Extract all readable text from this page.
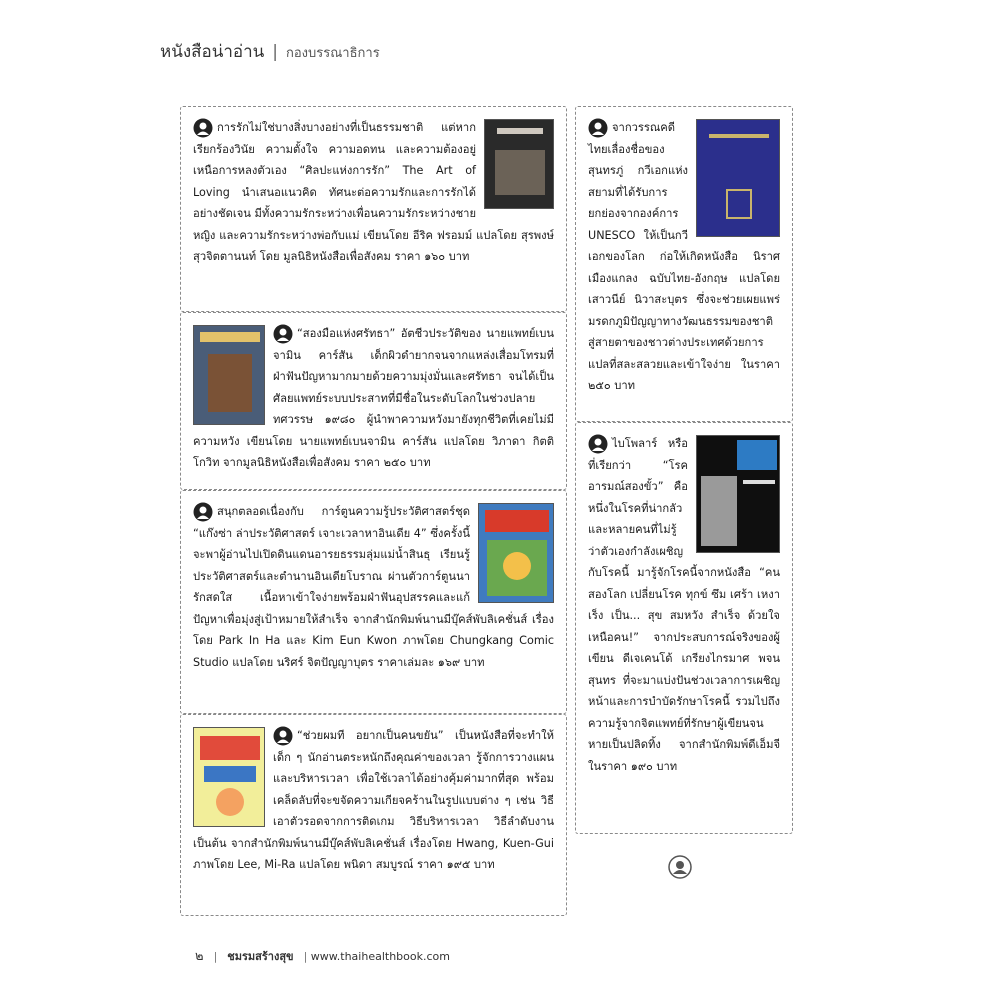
หนังสือน่าอ่าน | กองบรรณาธิการ

การรักไม่ใช่บางสิ่งบางอย่างที่เป็นธรรมชาติ แต่หากเรียกร้องวินัย ความตั้งใจ ความอดทน และความต้องอยู่เหนือการหลงตัวเอง “ศิลปะแห่งการรัก” The Art of Loving นำเสนอแนวคิด ทัศนะต่อความรักและการรักได้อย่างชัดเจน มีทั้งความรักระหว่างเพื่อนความรักระหว่างชายหญิง และความรักระหว่างพ่อกับแม่ เขียนโดย อีริค ฟรอมม์ แปลโดย สุรพงษ์ สุวจิตตานนท์ โดย มูลนิธิหนังสือเพื่อสังคม ราคา ๑๖๐ บาท

“สองมือแห่งศรัทธา” อัตชีวประวัติของ นายแพทย์เบนจามิน คาร์สัน เด็กผิวดำยากจนจากแหล่งเสื่อมโทรมที่ฝ่าฟันปัญหามากมายด้วยความมุ่งมั่นและศรัทธา จนได้เป็นศัลยแพทย์ระบบประสาทที่มีชื่อในระดับโลกในช่วงปลายทศวรรษ ๑๙๘๐ ผู้นำพาความหวังมายังทุกชีวิตที่เคยไม่มีความหวัง เขียนโดย นายแพทย์เบนจามิน คาร์สัน แปลโดย วิภาดา กิตติโกวิท จากมูลนิธิหนังสือเพื่อสังคม ราคา ๒๕๐ บาท

สนุกตลอดเนื่องกับ การ์ตูนความรู้ประวัติศาสตร์ชุด “แก๊งซ่า ล่าประวัติศาสตร์ เจาะเวลาหาอินเดีย 4” ซึ่งครั้งนี้จะพาผู้อ่านไปเปิดดินแดนอารยธรรมลุ่มแม่น้ำสินธุ เรียนรู้ประวัติศาสตร์และตำนานอินเดียโบราณ ผ่านตัวการ์ตูนนารักสดใส เนื้อหาเข้าใจง่ายพร้อมฝ่าฟันอุปสรรคและแก้ปัญหาเพื่อมุ่งสู่เป้าหมายให้สำเร็จ จากสำนักพิมพ์นานมีบุ๊คส์พับลิเคชั่นส์ เรื่องโดย Park In Ha และ Kim Eun Kwon ภาพโดย Chungkang Comic Studio แปลโดย นริศร์ จิตปัญญาบุตร ราคาเล่มละ ๑๖๙ บาท

“ช่วยผมที อยากเป็นคนขยัน” เป็นหนังสือที่จะทำให้เด็ก ๆ นักอ่านตระหนักถึงคุณค่าของเวลา รู้จักการวางแผนและบริหารเวลา เพื่อใช้เวลาได้อย่างคุ้มค่ามากที่สุด พร้อมเคล็ดลับที่จะขจัดความเกียจคร้านในรูปแบบต่าง ๆ เช่น วิธีเอาตัวรอดจากการติดเกม วิธีบริหารเวลา วิธีลำดับงาน เป็นต้น จากสำนักพิมพ์นานมีบุ๊คส์พับลิเคชั่นส์ เรื่องโดย Hwang, Kuen-Gui ภาพโดย Lee, Mi-Ra แปลโดย พนิดา สมบูรณ์ ราคา ๑๙๕ บาท

จากวรรณคดีไทยเลื่องชื่อของสุนทรภู่ กวีเอกแห่งสยามที่ได้รับการยกย่องจากองค์การ UNESCO ให้เป็นกวีเอกของโลก ก่อให้เกิดหนังสือ นิราศเมืองแกลง ฉบับไทย-อังกฤษ แปลโดย เสาวนีย์ นิวาสะบุตร ซึ่งจะช่วยเผยแพร่มรดกภูมิปัญญาทางวัฒนธรรมของชาติ สู่สายตาของชาวต่างประเทศด้วยการแปลที่สละสลวยและเข้าใจง่าย ในราคา ๒๕๐ บาท

ไบโพลาร์ หรือที่เรียกว่า “โรคอารมณ์สองขั้ว” คือหนึ่งในโรคที่น่ากลัว และหลายคนที่ไม่รู้ว่าตัวเองกำลังเผชิญกับโรคนี้ มารู้จักโรคนี้จากหนังสือ “คนสองโลก เปลี่ยนโรค ทุกข์ ซึม เศร้า เหงา เร็ง เป็น... สุข สมหวัง สำเร็จ ด้วยใจเหนือคน!” จากประสบการณ์จริงของผู้เขียน ดีเจเคนโด้ เกรียงไกรมาศ พจนสุนทร ที่จะมาแบ่งปันช่วงเวลาการเผชิญหน้าและการบำบัดรักษาโรคนี้ รวมไปถึงความรู้จากจิตแพทย์ที่รักษาผู้เขียนจนหายเป็นปลิดทิ้ง จากสำนักพิมพ์ดีเอ็มจี ในราคา ๑๙๐ บาท

๒ | ชมรมสร้างสุข | www.thaihealthbook.com
